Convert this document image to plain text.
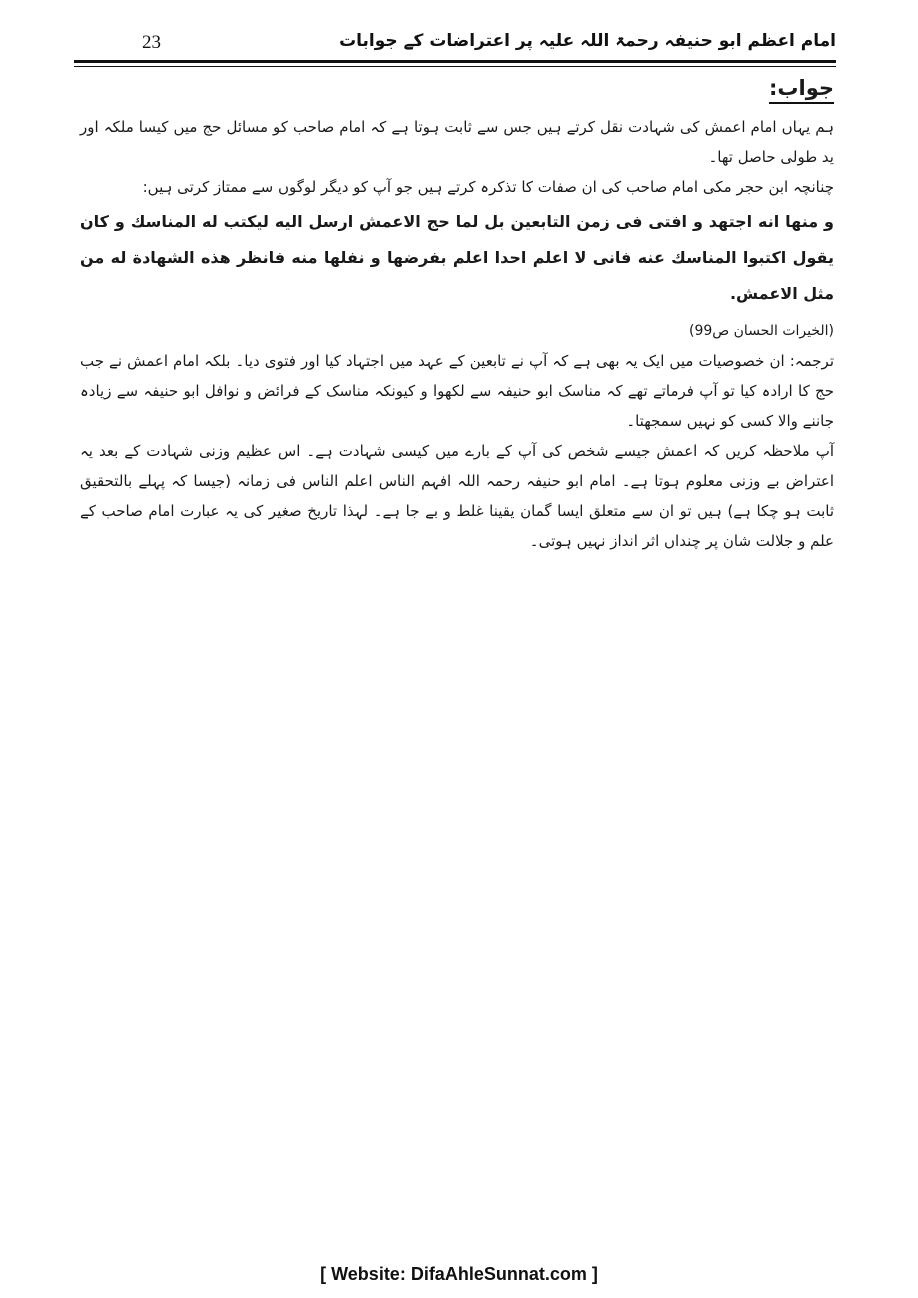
23	امام اعظم ابو حنیفہ رحمۃ اللہ علیہ پر اعتراضات کے جوابات
جواب:

ہم یہاں امام اعمش کی شہادت نقل کرتے ہیں جس سے ثابت ہوتا ہے کہ امام صاحب کو مسائل حج میں کیسا ملکہ اور ید طولی حاصل تھا۔

چنانچہ ابن حجر مکی امام صاحب کی ان صفات کا تذکرہ کرتے ہیں جو آپ کو دیگر لوگوں سے ممتاز کرتی ہیں:

و منها انه اجتهد و افتى فى زمن التابعين بل لما حج الاعمش ارسل اليه ليكتب له المناسك و كان يقول اكتبوا المناسك عنه فانى لا اعلم احدا اعلم بفرضها و نفلها منه فانظر هذه الشهادة له من مثل الاعمش.

(الخیرات الحسان ص99)

ترجمہ: ان خصوصیات میں ایک یہ بھی ہے کہ آپ نے تابعین کے عہد میں اجتہاد کیا اور فتوی دیا۔ بلکہ امام اعمش نے جب حج کا ارادہ کیا تو آپ فرماتے تھے کہ مناسک ابو حنیفہ سے لکھوا و کیونکہ مناسک کے فرائض و نوافل ابو حنیفہ سے زیادہ جاننے والا کسی کو نہیں سمجھتا۔

آپ ملاحظہ کریں کہ اعمش جیسے شخص کی آپ کے بارے میں کیسی شہادت ہے۔ اس عظیم وزنی شہادت کے بعد یہ اعتراض بے وزنی معلوم ہوتا ہے۔ امام ابو حنیفہ رحمہ اللہ افہم الناس اعلم الناس فی زمانہ (جیسا کہ پہلے بالتحقیق ثابت ہو چکا ہے) ہیں تو ان سے متعلق ایسا گمان یقینا غلط و بے جا ہے۔ لہذا تاریخ صغیر کی یہ عبارت امام صاحب کے علم و جلالت شان پر چنداں اثر انداز نہیں ہوتی۔

[ Website: DifaAhleSunnat.com ]
